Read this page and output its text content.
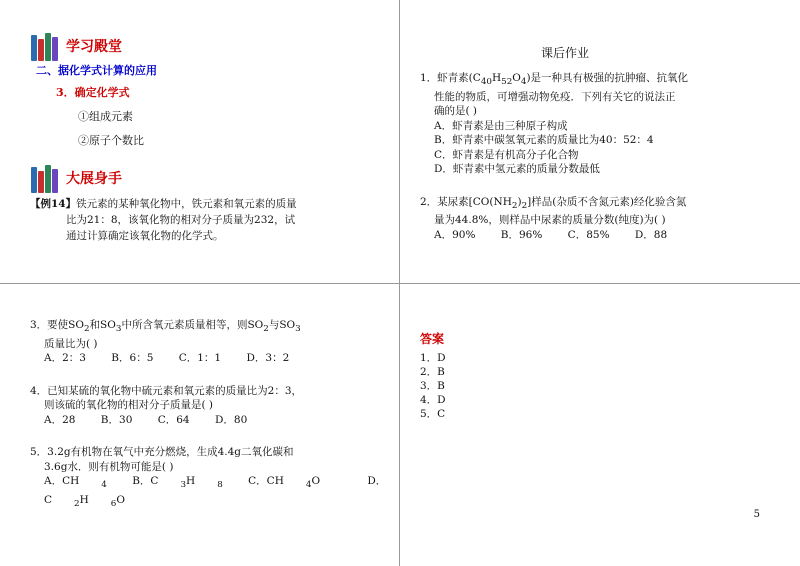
学习殿堂
二、据化学式计算的应用
3．确定化学式
①组成元素
②原子个数比
大展身手
【例14】铁元素的某种氧化物中，铁元素和氧元素的质量
比为21：8，该氧化物的相对分子质量为232，试
通过计算确定该氧化物的化学式。
课后作业
1．虾青素$(C_{40}H_{52}O_4)$是一种具有极强的抗肿瘤、抗氧化
性能的物质，可增强动物免疫．下列有关它的说法正
确的是( )
A．虾青素是由三种原子构成
B．虾青素中碳氢氧元素的质量比为40：52：4
C．虾青素是有机高分子化合物
D．虾青素中氢元素的质量分数最低
2．某尿素$[CO(NH_2)_2]$样品(杂质不含氮元素)经化验含氮
量为44.8%，则样品中尿素的质量分数(纯度)为( )
A．90% B．96% C．85% D．88
3．要使$SO_2$和$SO_3$中所含氧元素质量相等，则$SO_2$与$SO_3$
质量比为( )
A．2：3 B．6：5 C．1：1 D．3：2
4．已知某硫的氧化物中硫元素和氧元素的质量比为2：3，
则该硫的氧化物的相对分子质量是( )
A．28 B．30 C．64 D．80
5．3.2g有机物在氧气中充分燃烧，生成4.4g二氧化碳和
3.6g水．则有机物可能是( )
A．CH	$_4$ B．C	$_3$H	$_8$ C．CH	$_4$O	D．C	$_2$H	$_6$O
答案
1．D
2．B
3．B
4．D
5．C
5
